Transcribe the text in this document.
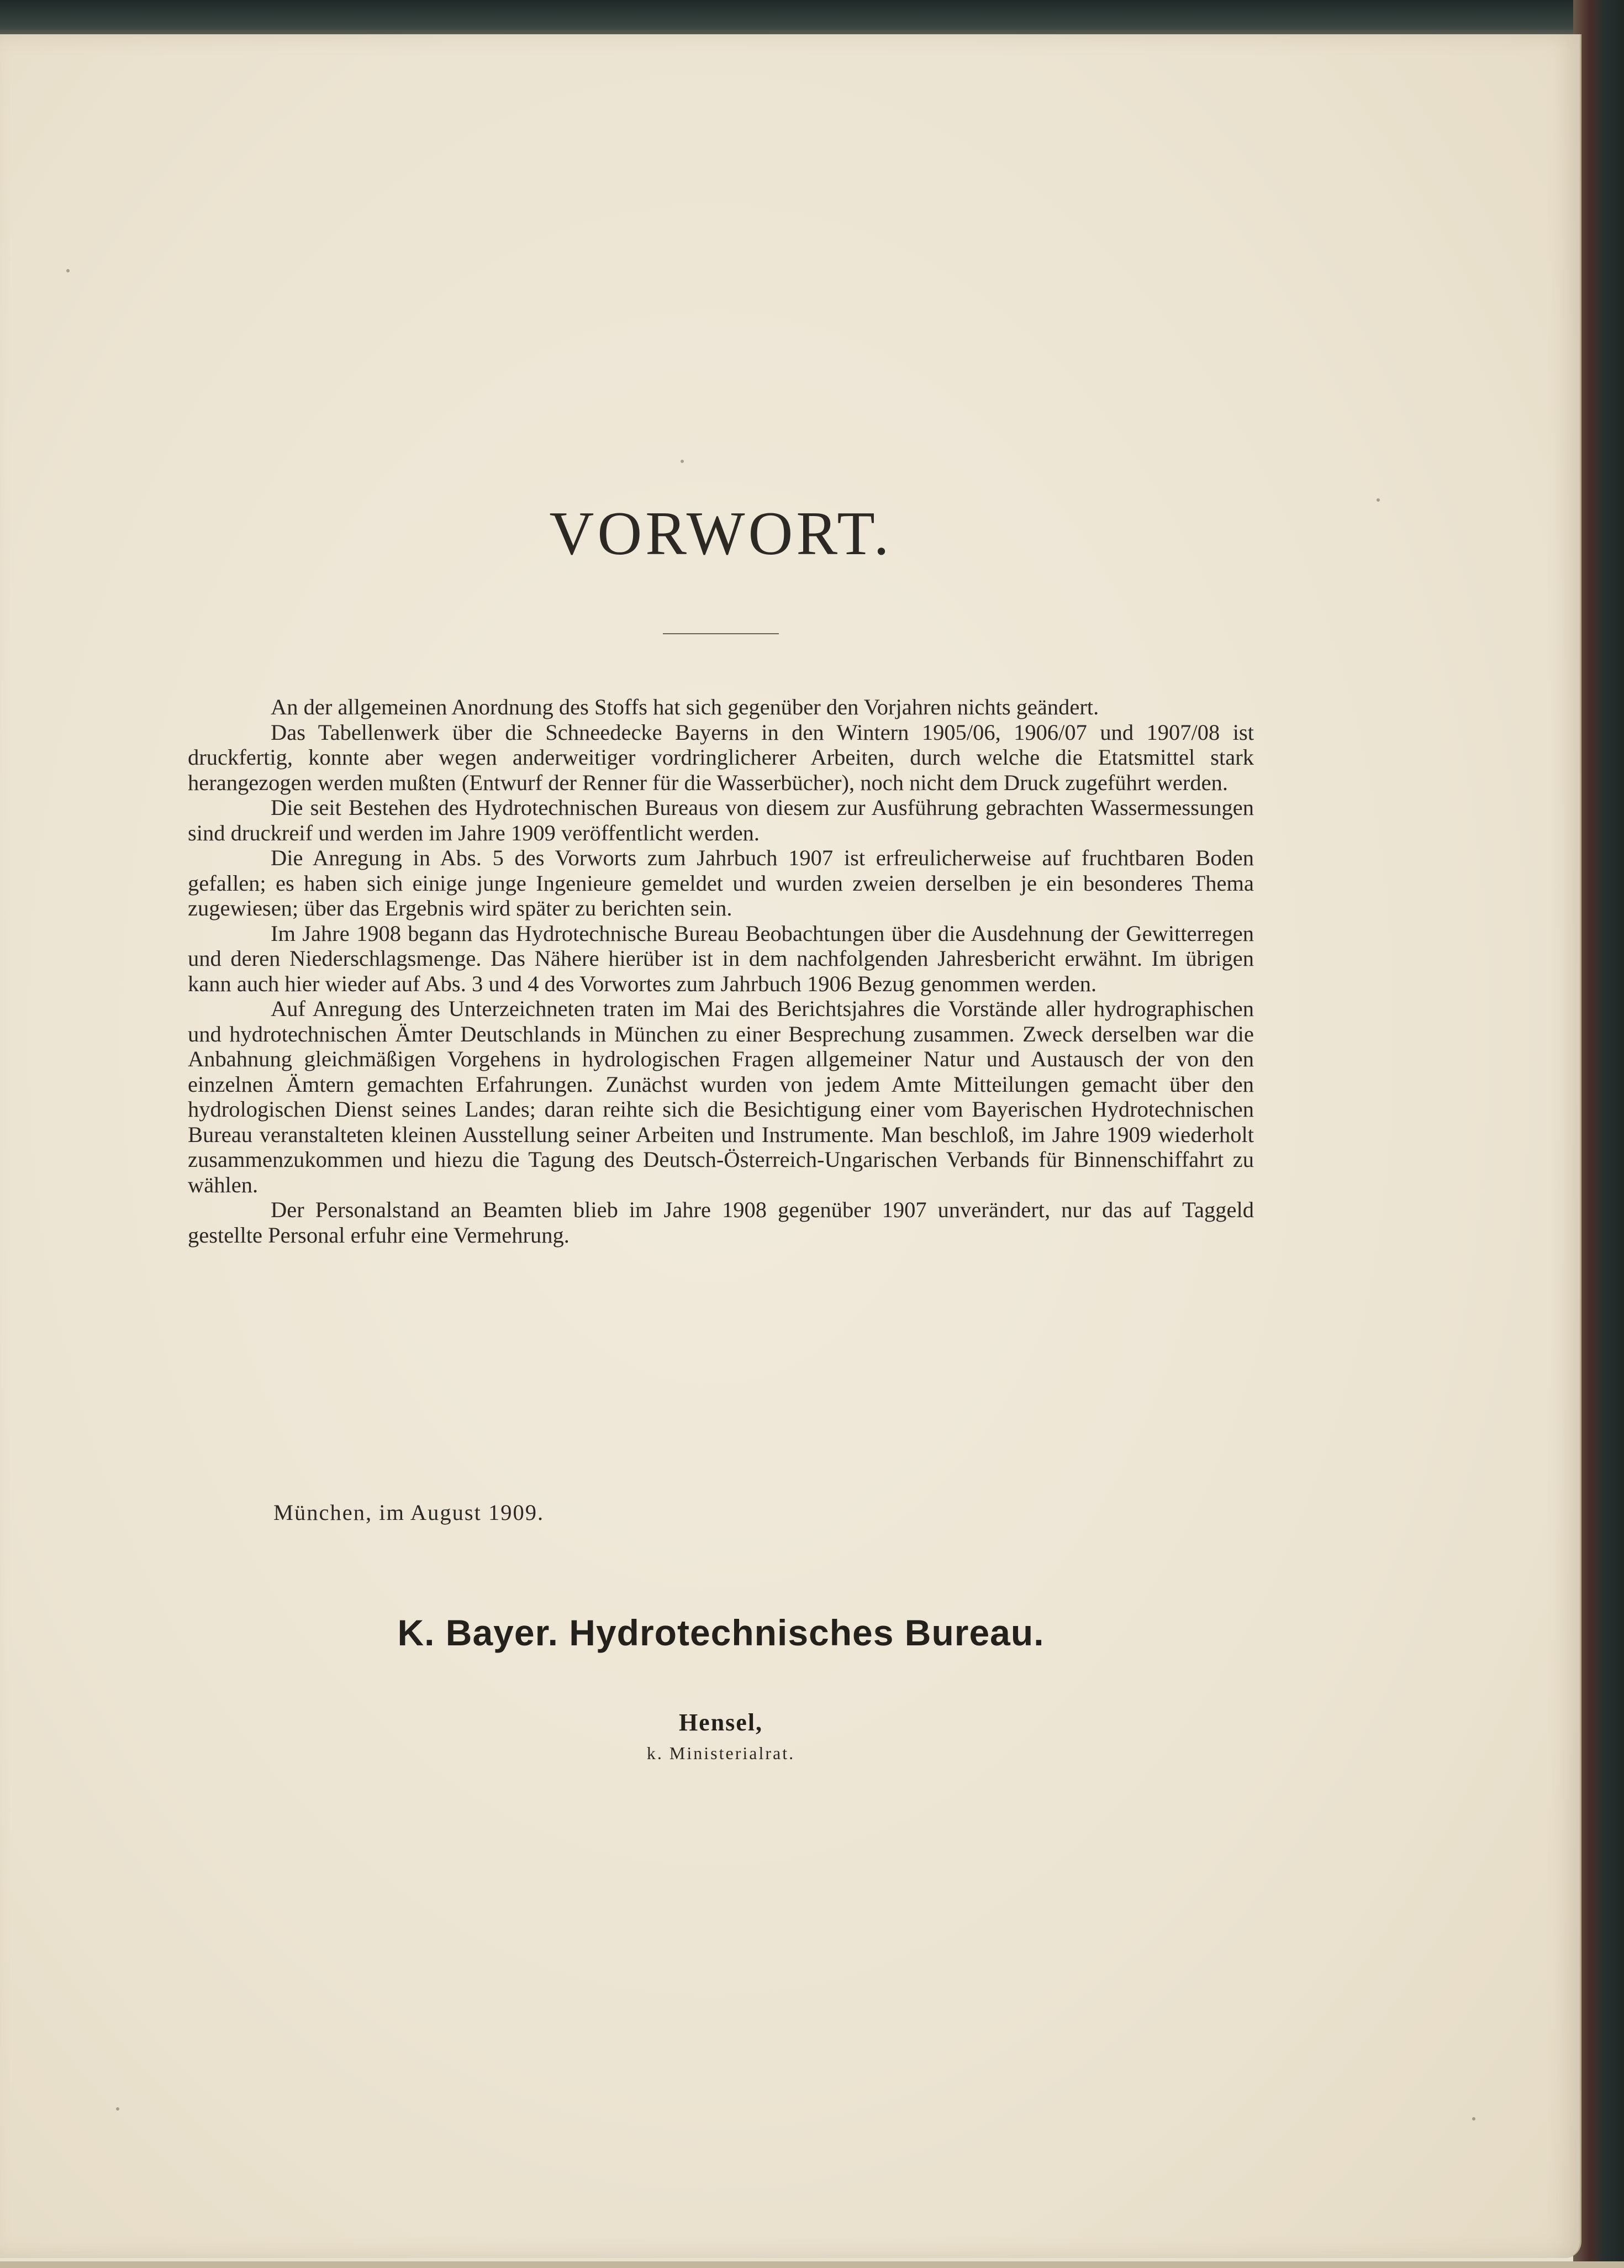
VORWORT.

An der allgemeinen Anordnung des Stoffs hat sich gegenüber den Vorjahren nichts geändert.

Das Tabellenwerk über die Schneedecke Bayerns in den Wintern 1905/06, 1906/07 und 1907/08 ist druckfertig, konnte aber wegen anderweitiger vordringlicherer Arbeiten, durch welche die Etatsmittel stark herangezogen werden mußten (Entwurf der Renner für die Wasserbücher), noch nicht dem Druck zugeführt werden.

Die seit Bestehen des Hydrotechnischen Bureaus von diesem zur Ausführung gebrachten Wassermessungen sind druckreif und werden im Jahre 1909 veröffentlicht werden.

Die Anregung in Abs. 5 des Vorworts zum Jahrbuch 1907 ist erfreulicherweise auf fruchtbaren Boden gefallen; es haben sich einige junge Ingenieure gemeldet und wurden zweien derselben je ein besonderes Thema zugewiesen; über das Ergebnis wird später zu berichten sein.

Im Jahre 1908 begann das Hydrotechnische Bureau Beobachtungen über die Ausdehnung der Gewitterregen und deren Niederschlagsmenge. Das Nähere hierüber ist in dem nachfolgenden Jahresbericht erwähnt. Im übrigen kann auch hier wieder auf Abs. 3 und 4 des Vorwortes zum Jahrbuch 1906 Bezug genommen werden.

Auf Anregung des Unterzeichneten traten im Mai des Berichtsjahres die Vorstände aller hydrographischen und hydrotechnischen Ämter Deutschlands in München zu einer Besprechung zusammen. Zweck derselben war die Anbahnung gleichmäßigen Vorgehens in hydrologischen Fragen allgemeiner Natur und Austausch der von den einzelnen Ämtern gemachten Erfahrungen. Zunächst wurden von jedem Amte Mitteilungen gemacht über den hydrologischen Dienst seines Landes; daran reihte sich die Besichtigung einer vom Bayerischen Hydrotechnischen Bureau veranstalteten kleinen Ausstellung seiner Arbeiten und Instrumente. Man beschloß, im Jahre 1909 wiederholt zusammenzukommen und hiezu die Tagung des Deutsch-Österreich-Ungarischen Verbands für Binnenschiffahrt zu wählen.

Der Personalstand an Beamten blieb im Jahre 1908 gegenüber 1907 unverändert, nur das auf Taggeld gestellte Personal erfuhr eine Vermehrung.

München, im August 1909.
K. Bayer. Hydrotechnisches Bureau.
Hensel,
k. Ministerialrat.
